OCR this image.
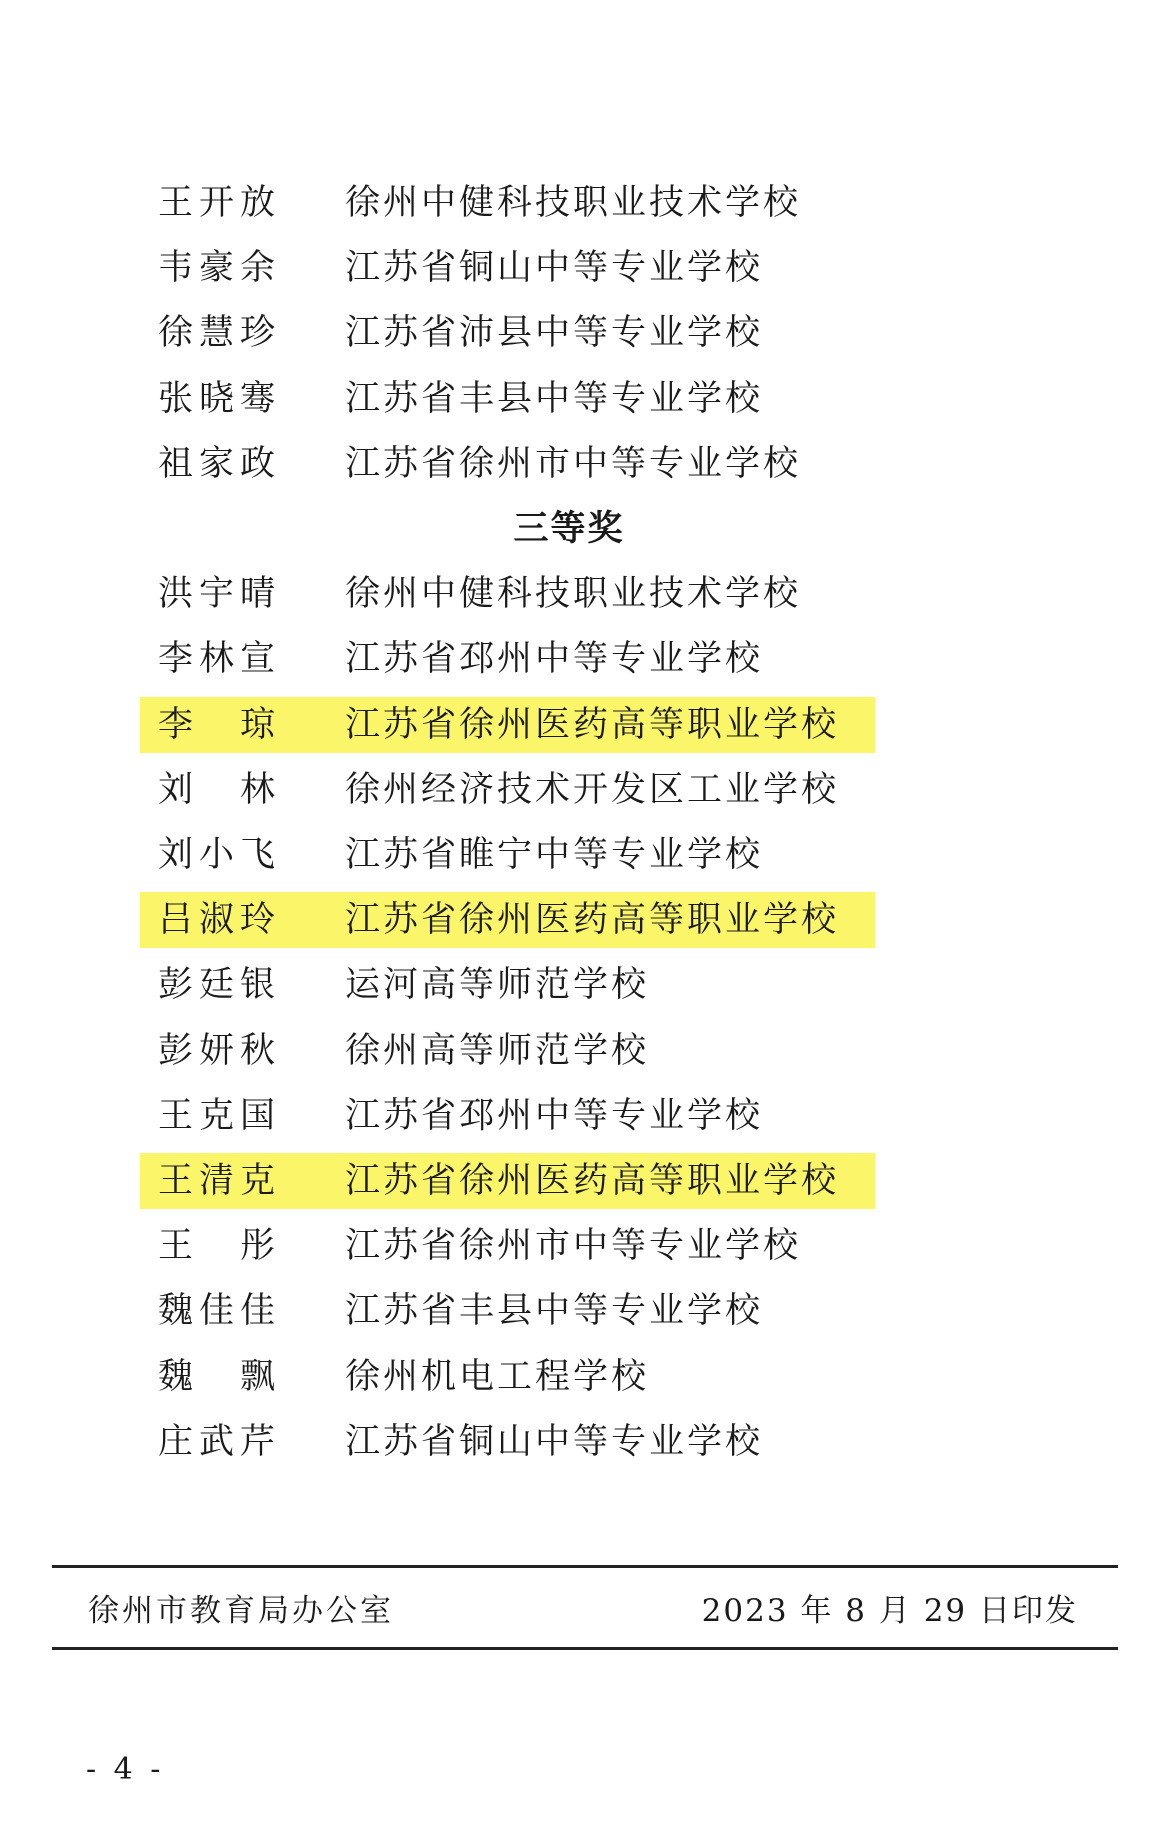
王开放 徐州中健科技职业技术学校
韦豪余 江苏省铜山中等专业学校
徐慧珍 江苏省沛县中等专业学校
张晓骞 江苏省丰县中等专业学校
祖家政 江苏省徐州市中等专业学校
三等奖
洪宇晴 徐州中健科技职业技术学校
李林宣 江苏省邳州中等专业学校
李　琼 江苏省徐州医药高等职业学校
刘　林 徐州经济技术开发区工业学校
刘小飞 江苏省睢宁中等专业学校
吕淑玲 江苏省徐州医药高等职业学校
彭廷银 运河高等师范学校
彭妍秋 徐州高等师范学校
王克国 江苏省邳州中等专业学校
王清克 江苏省徐州医药高等职业学校
王　彤 江苏省徐州市中等专业学校
魏佳佳 江苏省丰县中等专业学校
魏　飘 徐州机电工程学校
庄武芹 江苏省铜山中等专业学校
徐州市教育局办公室	2023 年 8 月 29 日印发
- 4 -
